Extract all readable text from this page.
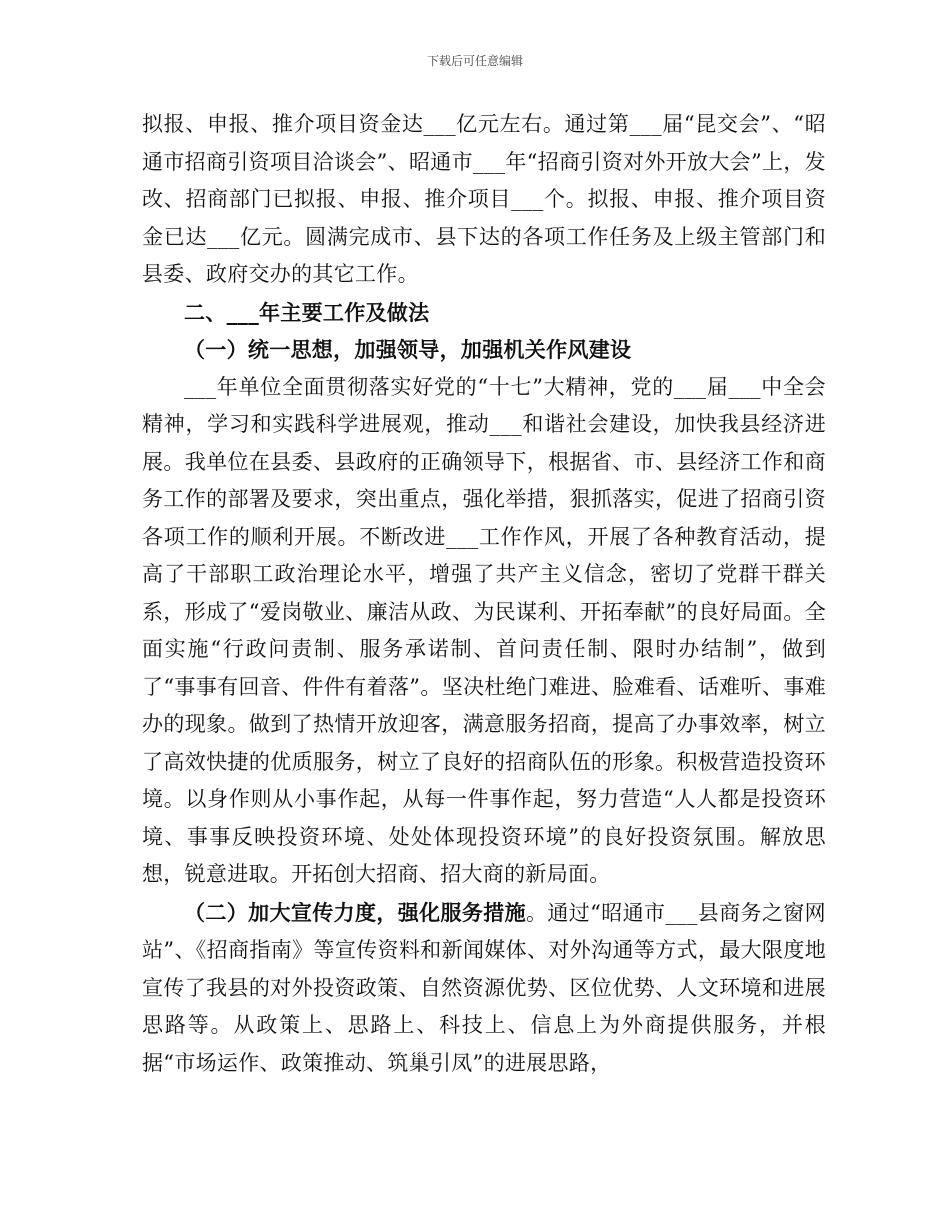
下载后可任意编辑

拟报、申报、推介项目资金达___亿元左右。通过第___届“昆交会”、“昭通市招商引资项目洽谈会”、昭通市___年“招商引资对外开放大会”上，发改、招商部门已拟报、申报、推介项目___个。拟报、申报、推介项目资金已达___亿元。圆满完成市、县下达的各项工作任务及上级主管部门和县委、政府交办的其它工作。

二、___年主要工作及做法

（一）统一思想，加强领导，加强机关作风建设

___年单位全面贯彻落实好党的“十七”大精神，党的___届___中全会精神，学习和实践科学进展观，推动___和谐社会建设，加快我县经济进展。我单位在县委、县政府的正确领导下，根据省、市、县经济工作和商务工作的部署及要求，突出重点，强化举措，狠抓落实，促进了招商引资各项工作的顺利开展。不断改进___工作作风，开展了各种教育活动，提高了干部职工政治理论水平，增强了共产主义信念，密切了党群干群关系，形成了“爱岗敬业、廉洁从政、为民谋利、开拓奉献”的良好局面。全面实施“行政问责制、服务承诺制、首问责任制、限时办结制”，做到了“事事有回音、件件有着落”。坚决杜绝门难进、脸难看、话难听、事难办的现象。做到了热情开放迎客，满意服务招商，提高了办事效率，树立了高效快捷的优质服务，树立了良好的招商队伍的形象。积极营造投资环境。以身作则从小事作起，从每一件事作起，努力营造“人人都是投资环境、事事反映投资环境、处处体现投资环境”的良好投资氛围。解放思想，锐意进取。开拓创大招商、招大商的新局面。

（二）加大宣传力度，强化服务措施。通过“昭通市___县商务之窗网站”、《招商指南》等宣传资料和新闻媒体、对外沟通等方式，最大限度地宣传了我县的对外投资政策、自然资源优势、区位优势、人文环境和进展思路等。从政策上、思路上、科技上、信息上为外商提供服务，并根据“市场运作、政策推动、筑巢引凤”的进展思路，
